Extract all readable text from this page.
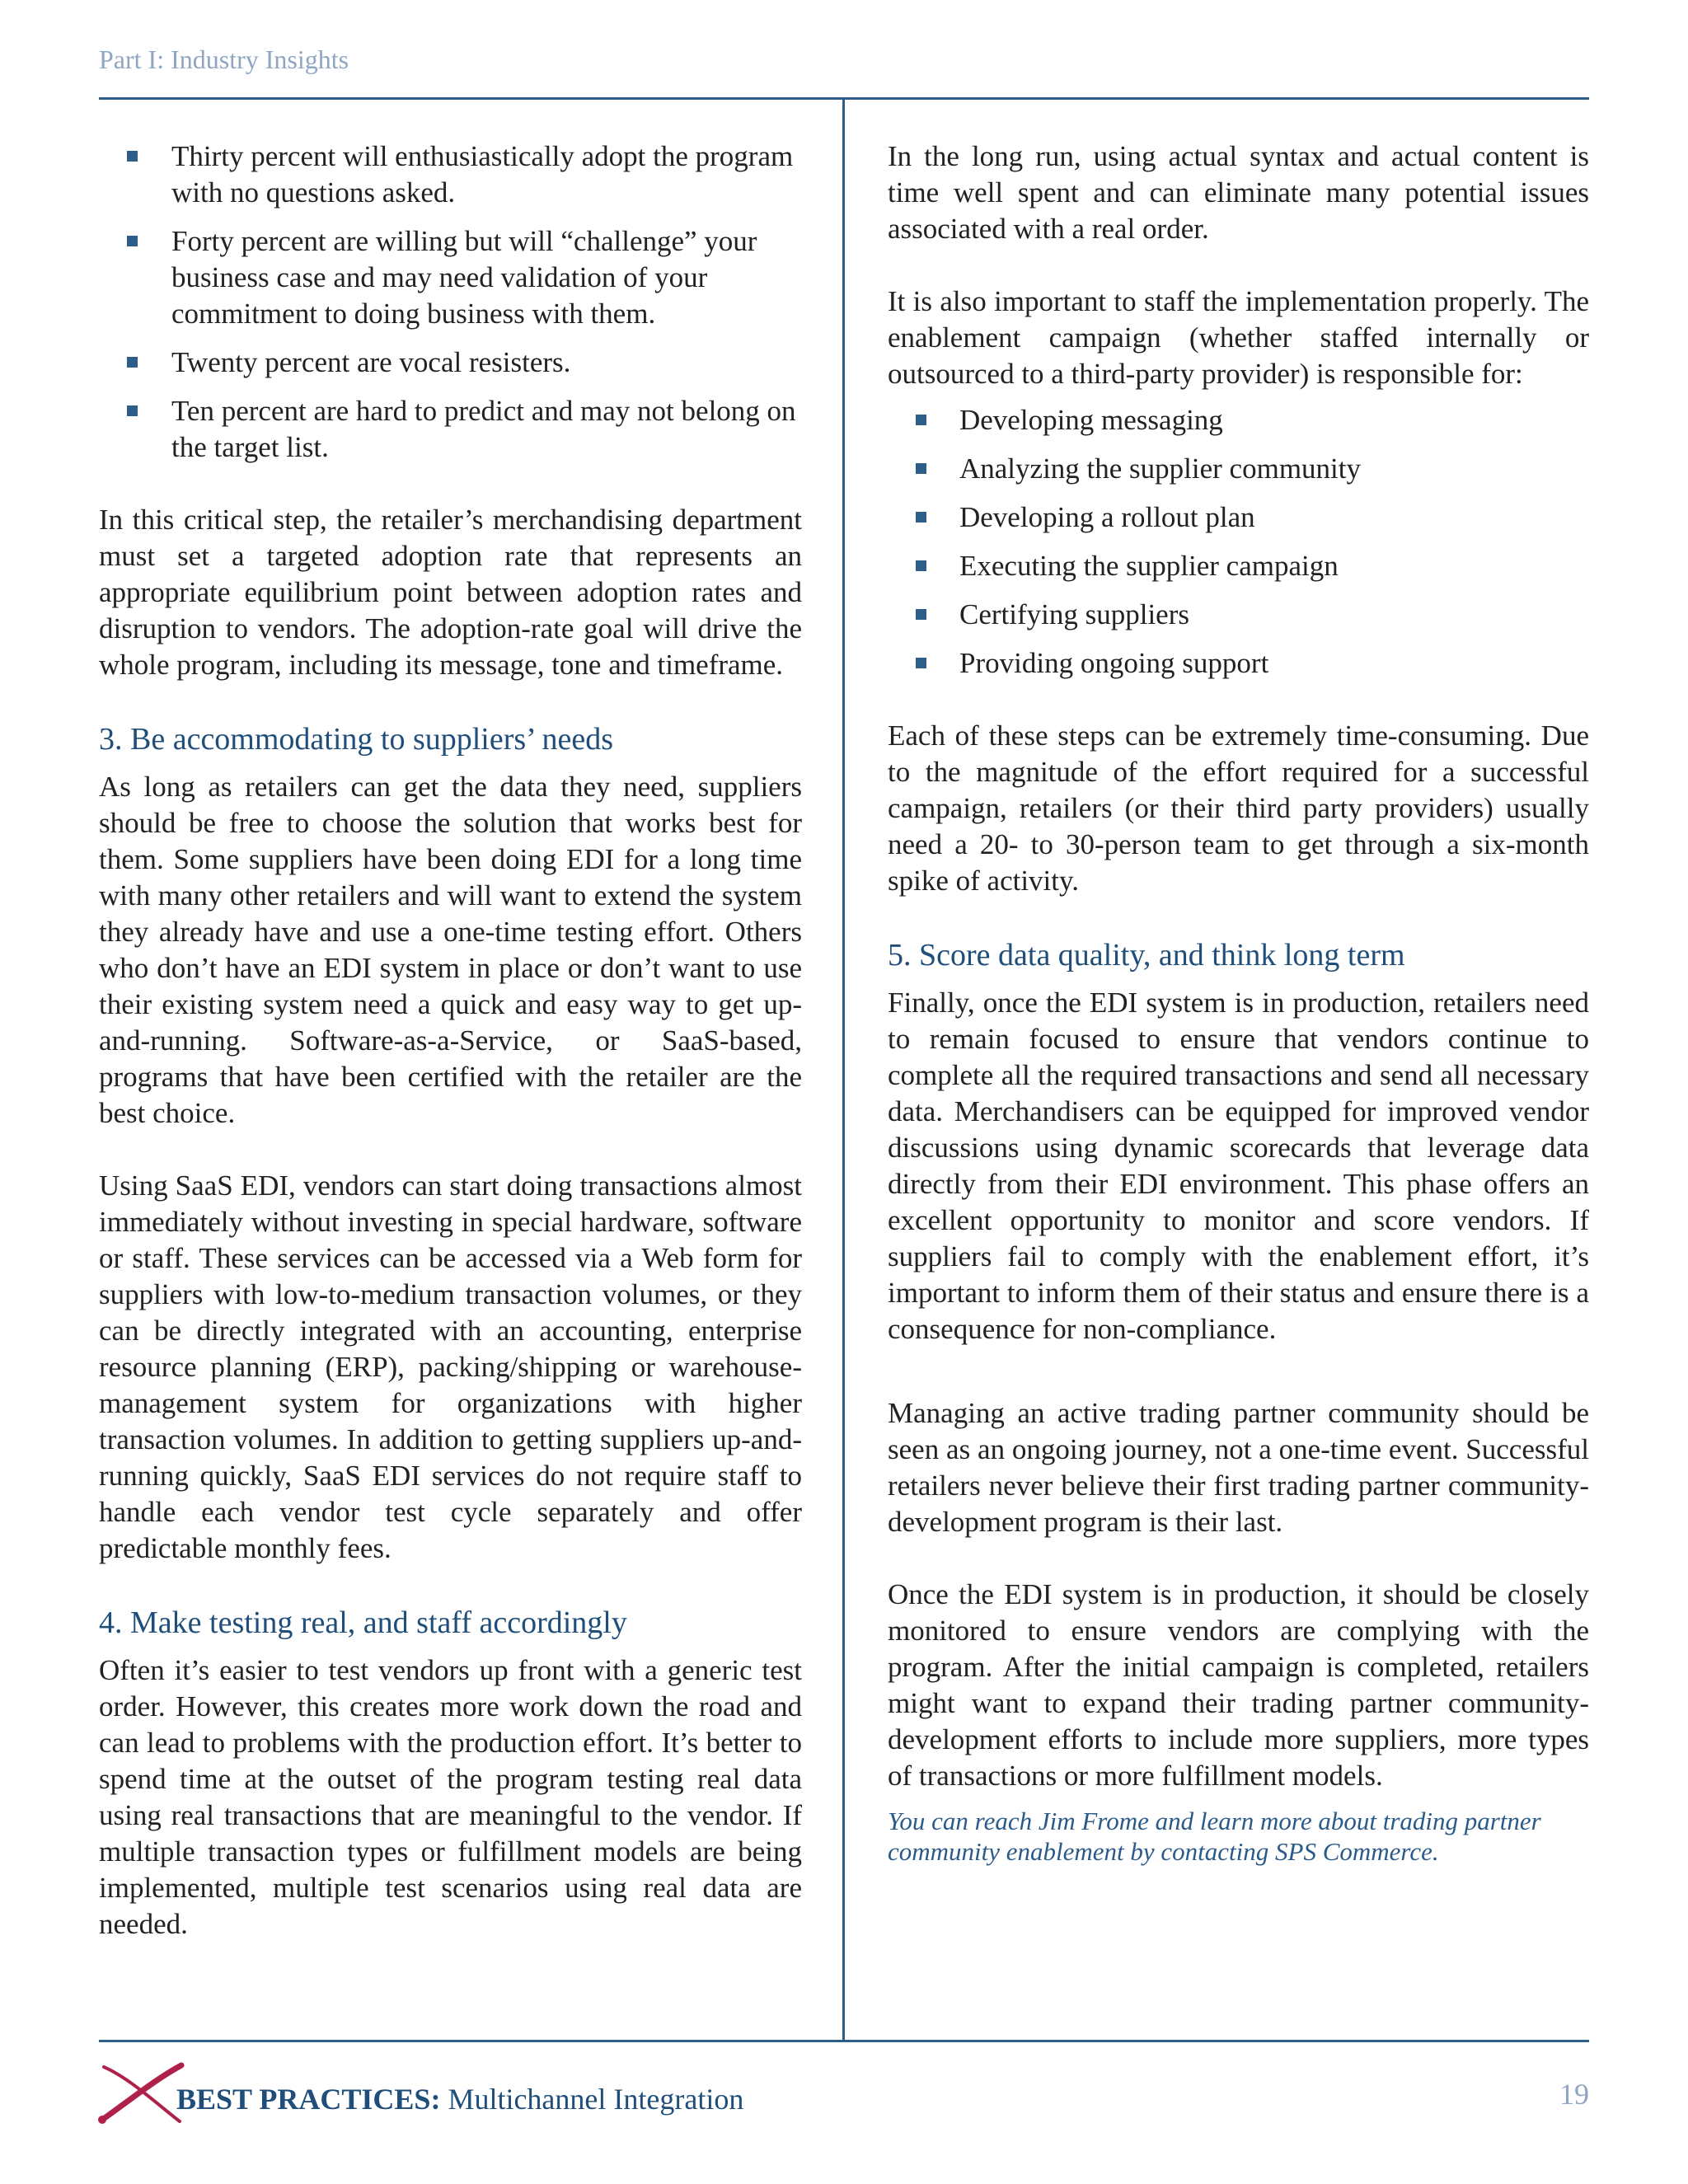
Part I: Industry Insights
Thirty percent will enthusiastically adopt the program with no questions asked.
Forty percent are willing but will “challenge” your business case and may need validation of your commitment to doing business with them.
Twenty percent are vocal resisters.
Ten percent are hard to predict and may not belong on the target list.

In this critical step, the retailer’s merchandising department must set a targeted adoption rate that represents an appropriate equilibrium point between adoption rates and disruption to vendors. The adoption-rate goal will drive the whole program, including its message, tone and timeframe.

3. Be accommodating to suppliers’ needs

As long as retailers can get the data they need, suppliers should be free to choose the solution that works best for them. Some suppliers have been doing EDI for a long time with many other retailers and will want to extend the system they already have and use a one-time testing effort. Others who don’t have an EDI system in place or don’t want to use their existing system need a quick and easy way to get up-and-running. Software-as-a-Service, or SaaS-based, programs that have been certified with the retailer are the best choice.

Using SaaS EDI, vendors can start doing transactions almost immediately without investing in special hardware, software or staff. These services can be accessed via a Web form for suppliers with low-to-medium transaction volumes, or they can be directly integrated with an accounting, enterprise resource planning (ERP), packing/shipping or warehouse-management system for organizations with higher transaction volumes. In addition to getting suppliers up-and-running quickly, SaaS EDI services do not require staff to handle each vendor test cycle separately and offer predictable monthly fees.

4. Make testing real, and staff accordingly

Often it’s easier to test vendors up front with a generic test order. However, this creates more work down the road and can lead to problems with the production effort. It’s better to spend time at the outset of the program testing real data using real transactions that are meaningful to the vendor. If multiple transaction types or fulfillment models are being implemented, multiple test scenarios using real data are needed.

In the long run, using actual syntax and actual content is time well spent and can eliminate many potential issues associated with a real order.

It is also important to staff the implementation properly. The enablement campaign (whether staffed internally or outsourced to a third-party provider) is responsible for:

Developing messaging
Analyzing the supplier community
Developing a rollout plan
Executing the supplier campaign
Certifying suppliers
Providing ongoing support

Each of these steps can be extremely time-consuming. Due to the magnitude of the effort required for a successful campaign, retailers (or their third party providers) usually need a 20- to 30-person team to get through a six-month spike of activity.

5. Score data quality, and think long term

Finally, once the EDI system is in production, retailers need to remain focused to ensure that vendors continue to complete all the required transactions and send all necessary data. Merchandisers can be equipped for improved vendor discussions using dynamic scorecards that leverage data directly from their EDI environment. This phase offers an excellent opportunity to monitor and score vendors. If suppliers fail to comply with the enablement effort, it’s important to inform them of their status and ensure there is a consequence for non-compliance.

Managing an active trading partner community should be seen as an ongoing journey, not a one-time event. Successful retailers never believe their first trading partner community-development program is their last.

Once the EDI system is in production, it should be closely monitored to ensure vendors are complying with the program. After the initial campaign is completed, retailers might want to expand their trading partner community-development efforts to include more suppliers, more types of transactions or more fulfillment models.

You can reach Jim Frome and learn more about trading partner community enablement by contacting SPS Commerce.

BEST PRACTICES: Multichannel Integration	19
